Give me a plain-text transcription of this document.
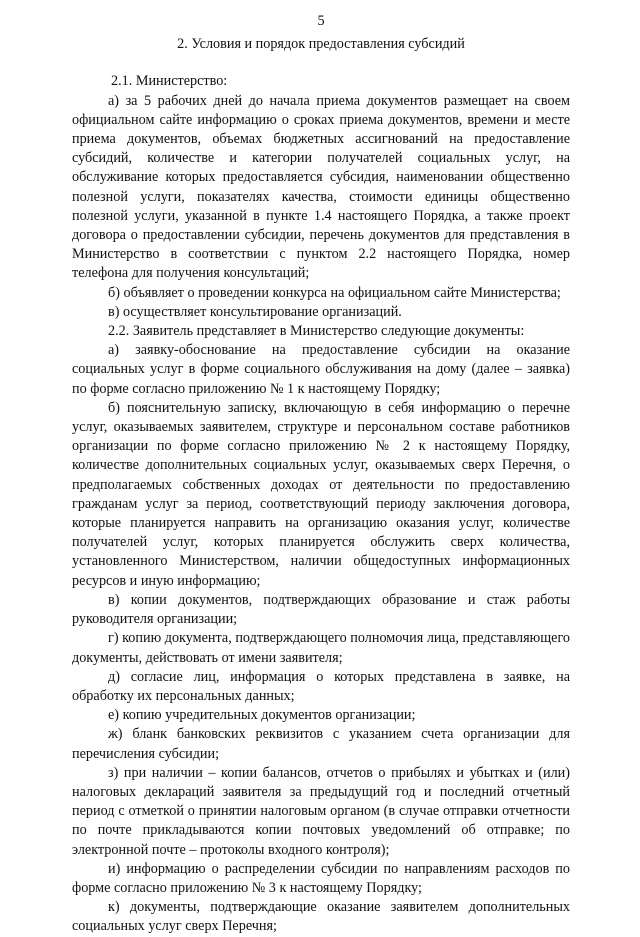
5
2. Условия и порядок предоставления субсидий

2.1. Министерство:

а) за 5 рабочих дней до начала приема документов размещает на своем официальном сайте информацию о сроках приема документов, времени и месте приема документов, объемах бюджетных ассигнований на предоставление субсидий, количестве и категории получателей социальных услуг, на обслуживание которых предоставляется субсидия, наименовании общественно полезной услуги, показателях качества, стоимости единицы общественно полезной услуги, указанной в пункте 1.4 настоящего Порядка, а также проект договора о предоставлении субсидии, перечень документов для представления в Министерство в соответствии с пунктом 2.2 настоящего Порядка, номер телефона для получения консультаций;

б) объявляет о проведении конкурса на официальном сайте Министерства;

в) осуществляет консультирование организаций.

2.2. Заявитель представляет в Министерство следующие документы:

а) заявку-обоснование на предоставление субсидии на оказание социальных услуг в форме социального обслуживания на дому (далее – заявка) по форме согласно приложению № 1 к настоящему Порядку;

б) пояснительную записку, включающую в себя информацию о перечне услуг, оказываемых заявителем, структуре и персональном составе работников организации по форме согласно приложению № 2 к настоящему Порядку, количестве дополнительных социальных услуг, оказываемых сверх Перечня, о предполагаемых собственных доходах от деятельности по предоставлению гражданам услуг за период, соответствующий периоду заключения договора, которые планируется направить на организацию оказания услуг, количестве получателей услуг, которых планируется обслужить сверх количества, установленного Министерством, наличии общедоступных информационных ресурсов и иную информацию;

в) копии документов, подтверждающих образование и стаж работы руководителя организации;

г) копию документа, подтверждающего полномочия лица, представляющего документы, действовать от имени заявителя;

д) согласие лиц, информация о которых представлена в заявке, на обработку их персональных данных;

е) копию учредительных документов организации;

ж) бланк банковских реквизитов с указанием счета организации для перечисления субсидии;

з) при наличии – копии балансов, отчетов о прибылях и убытках и (или) налоговых деклараций заявителя за предыдущий год и последний отчетный период с отметкой о принятии налоговым органом (в случае отправки отчетности по почте прикладываются копии почтовых уведомлений об отправке; по электронной почте – протоколы входного контроля);

и) информацию о распределении субсидии по направлениям расходов по форме согласно приложению № 3 к настоящему Порядку;

к) документы, подтверждающие оказание заявителем дополнительных социальных услуг сверх Перечня;
